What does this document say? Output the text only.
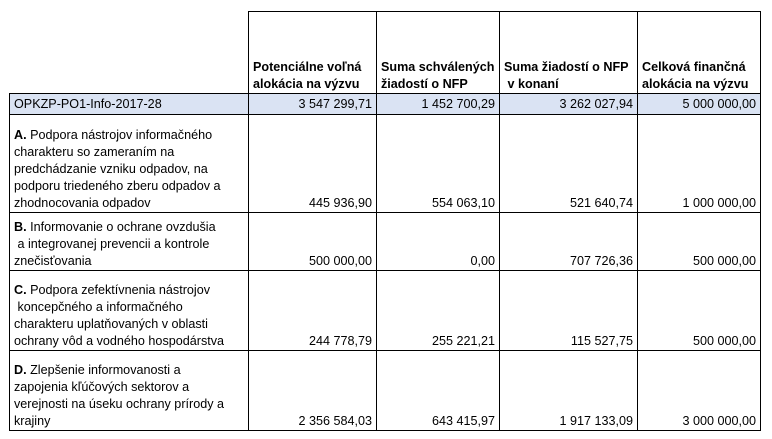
	Potenciálne voľná
alokácia na výzvu	Suma schválených
žiadostí o NFP	Suma žiadostí o NFP
v konaní	Celková finančná
alokácia na výzvu

OPKZP-PO1-Info-2017-28	3 547 299,71	1 452 700,29	3 262 027,94	5 000 000,00

A. Podpora nástrojov informačného
charakteru so zameraním na
predchádzanie vzniku odpadov, na
podporu triedeného zberu odpadov a
zhodnocovania odpadov	445 936,90	554 063,10	521 640,74	1 000 000,00

B. Informovanie o ochrane ovzdušia
a integrovanej prevencii a kontrole
znečisťovania	500 000,00	0,00	707 726,36	500 000,00

C. Podpora zefektívnenia nástrojov
koncepčného a informačného
charakteru uplatňovaných v oblasti
ochrany vôd a vodného hospodárstva	244 778,79	255 221,21	115 527,75	500 000,00

D. Zlepšenie informovanosti a
zapojenia kľúčových sektorov a
verejnosti na úseku ochrany prírody a
krajiny	2 356 584,03	643 415,97	1 917 133,09	3 000 000,00
